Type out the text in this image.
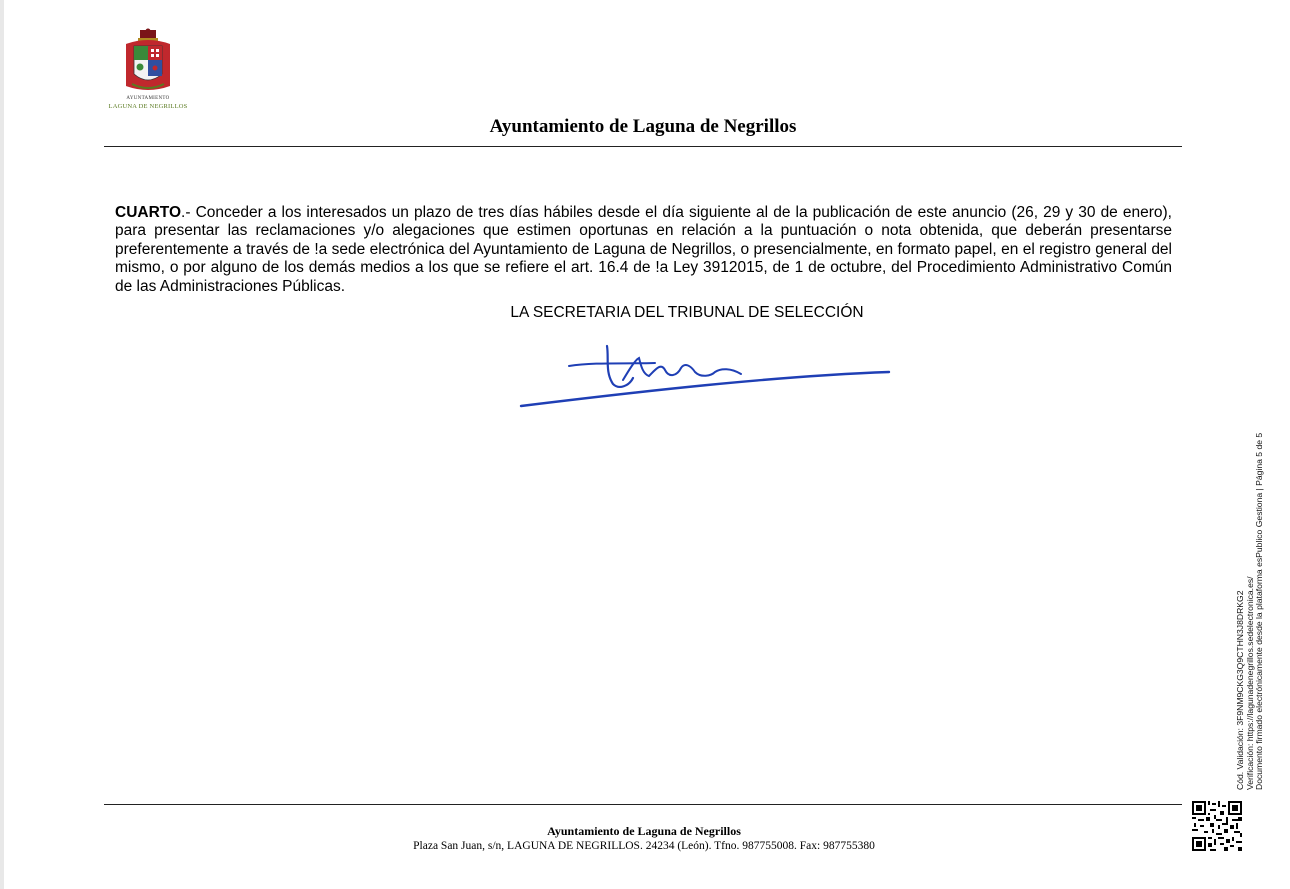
AYUNTAMIENTO
LAGUNA DE NEGRILLOS
Ayuntamiento de Laguna de Negrillos

CUARTO.- Conceder a los interesados un plazo de tres días hábiles desde el día siguiente al de la publicación de este anuncio (26, 29 y 30 de enero), para presentar las reclamaciones y/o alegaciones que estimen oportunas en relación a la puntuación o nota obtenida, que deberán presentarse preferentemente a través de !a sede electrónica del Ayuntamiento de Laguna de Negrillos, o presencialmente, en formato papel, en el registro general del mismo, o por alguno de los demás medios a los que se refiere el art. 16.4 de !a Ley 3912015, de 1 de octubre, del Procedimiento Administrativo Común de las Administraciones Públicas.

LA SECRETARIA DEL TRIBUNAL DE SELECCIÓN
Cód. Validación: 3F9NM9CKG3Q9CTHN3J8DRKG2 Verificación: https://lagunadenegrillos.sedelectronica.es/ Documento firmado electrónicamente desde la plataforma esPublico Gestiona | Página 5 de 5
Ayuntamiento de Laguna de Negrillos
Plaza San Juan, s/n, LAGUNA DE NEGRILLOS. 24234 (León). Tfno. 987755008. Fax: 987755380
